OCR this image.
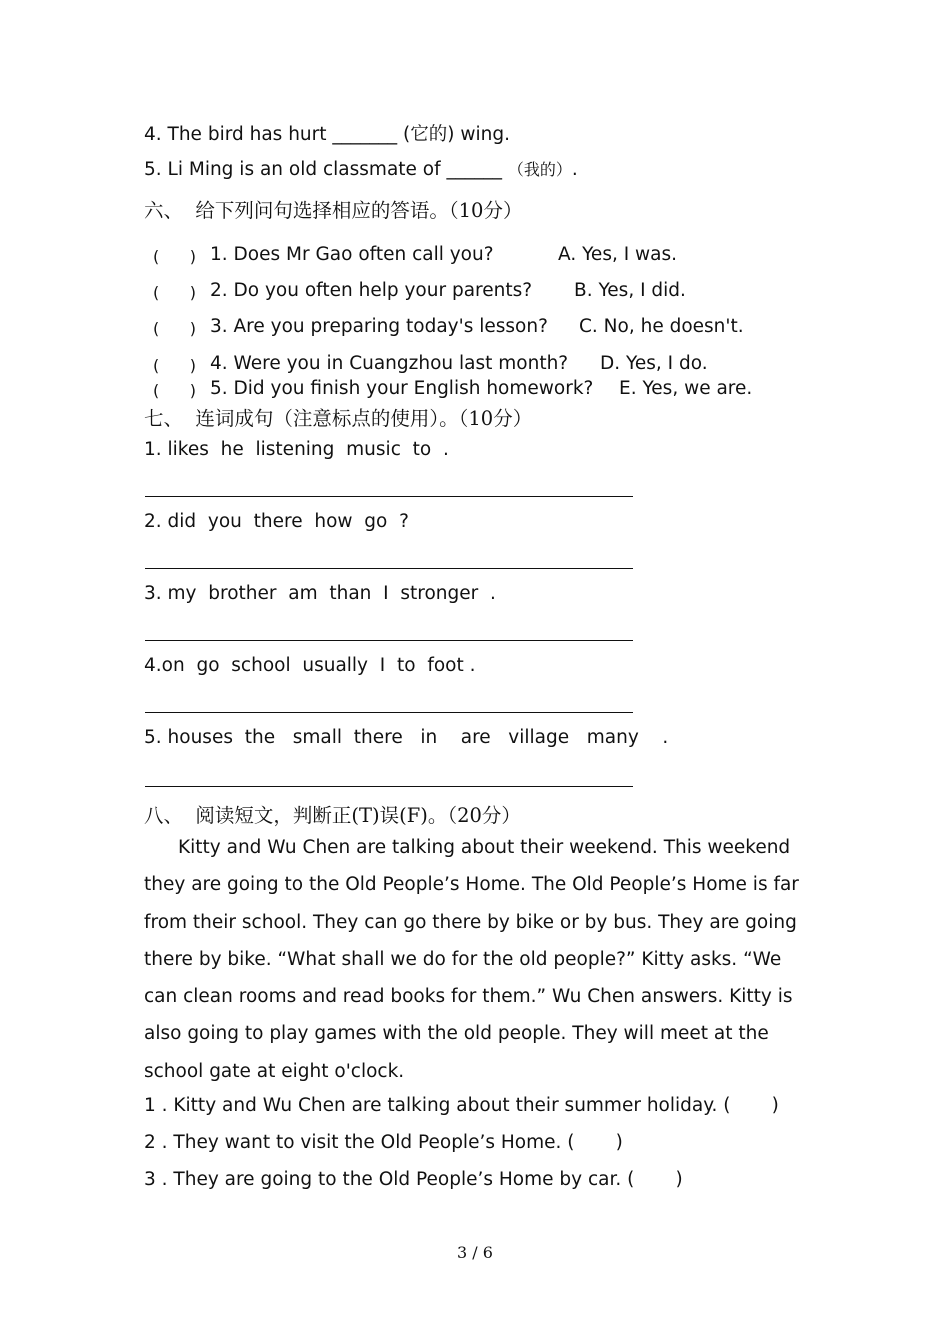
4. The bird has hurt _______ (它的) wing.
5. Li Ming is an old classmate of ______ （我的）.
六、  给下列问句选择相应的答语。（10分）
(      ) 1. Does Mr Gao often call you?	A. Yes, I was.
(      ) 2. Do you often help your parents? B. Yes, I did.
(      ) 3. Are you preparing today's lesson? C. No, he doesn't.
(      ) 4. Were you in Cuangzhou last month? D. Yes, I do.
(      ) 5. Did you finish your English homework? E. Yes, we are.
七、  连词成句（注意标点的使用）。（10分）
1. likes  he  listening  music  to  .
2. did  you  there  how  go  ?
3. my  brother  am  than  I  stronger  .
4.on  go  school  usually  I  to  foot .
5. houses  the   small  there   in    are   village   many    .
八、  阅读短文，判断正(T)误(F)。（20分）

Kitty and Wu Chen are talking about their weekend. This weekend they are going to the Old People’s Home. The Old People’s Home is far from their school. They can go there by bike or by bus. They are going there by bike. “What shall we do for the old people?” Kitty asks. “We can clean rooms and read books for them.” Wu Chen answers. Kitty is also going to play games with the old people. They will meet at the school gate at eight o'clock.

1 . Kitty and Wu Chen are talking about their summer holiday. (       )
2 . They want to visit the Old People’s Home. (       )
3 . They are going to the Old People’s Home by car. (       )
3 / 6
